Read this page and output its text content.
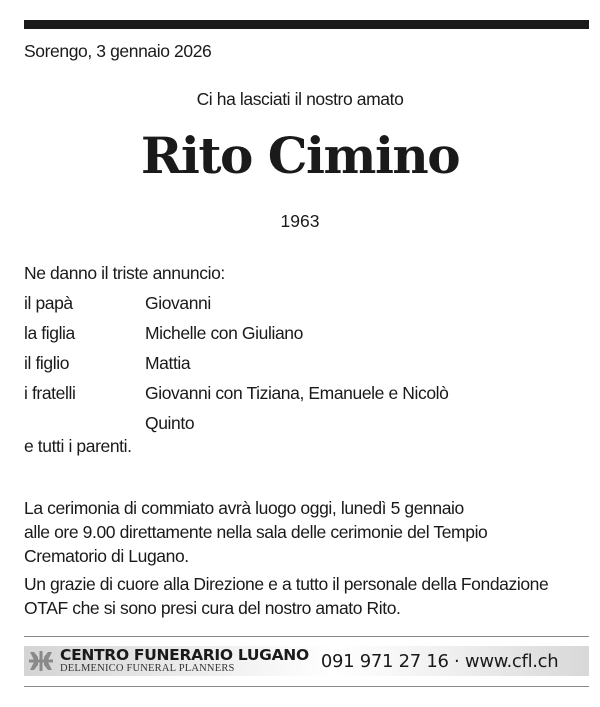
Sorengo, 3 gennaio 2026
Ci ha lasciati il nostro amato
Rito Cimino
1963
Ne danno il triste annuncio:
il papà	Giovanni
la figlia	Michelle con Giuliano
il figlio	Mattia
i fratelli	Giovanni con Tiziana, Emanuele e Nicolò
Quinto
e tutti i parenti.
La cerimonia di commiato avrà luogo oggi, lunedì 5 gennaio
alle ore 9.00 direttamente nella sala delle cerimonie del Tempio
Crematorio di Lugano.
Un grazie di cuore alla Direzione e a tutto il personale della Fondazione
OTAF che si sono presi cura del nostro amato Rito.
CENTRO FUNERARIO LUGANO
DELMENICO FUNERAL PLANNERS	091 971 27 16 · www.cfl.ch
